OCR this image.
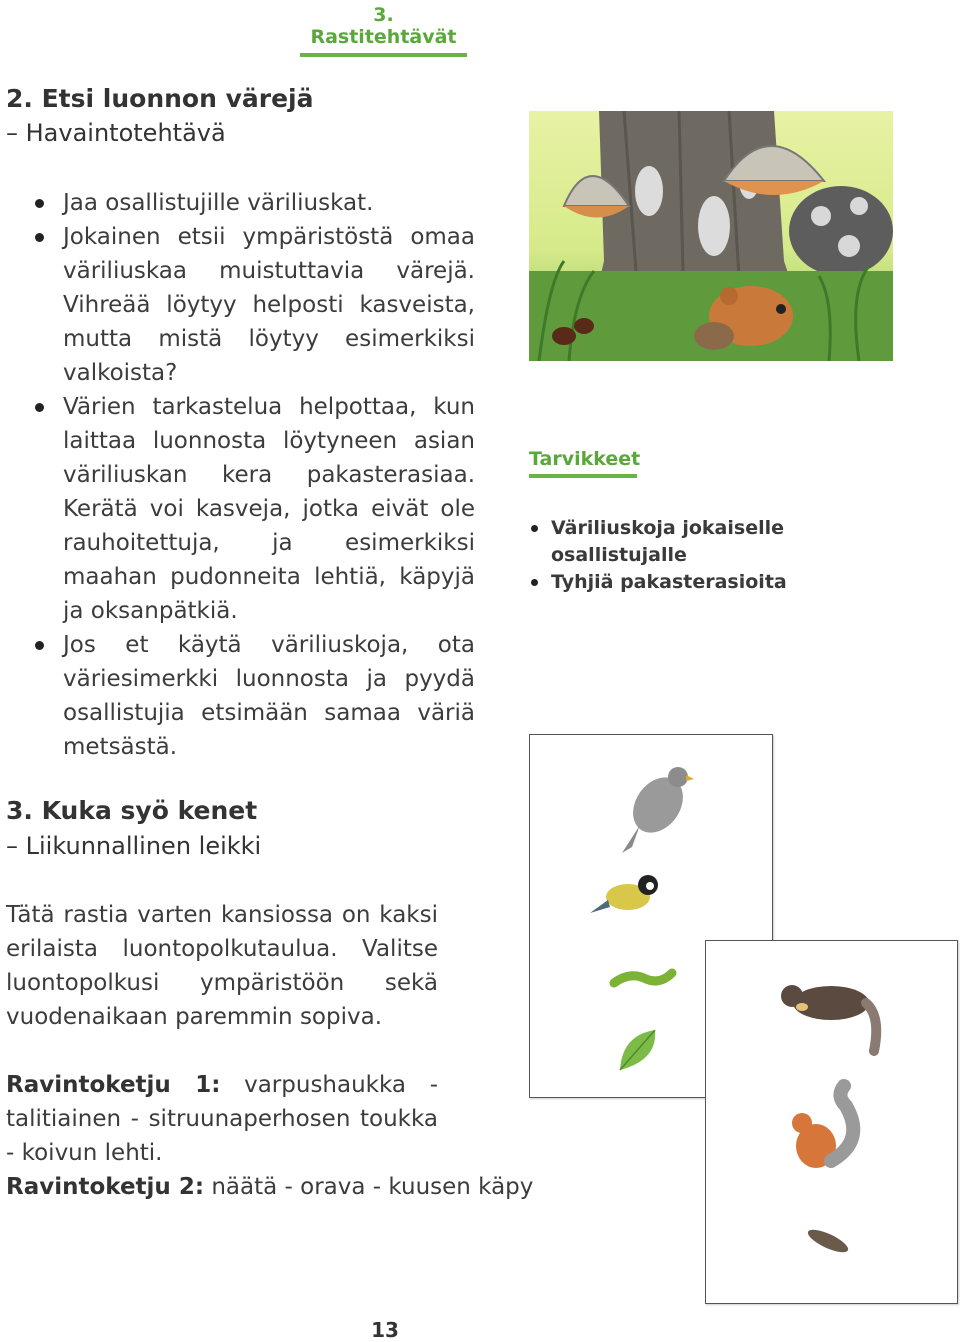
3. Rastitehtävät
2. Etsi luonnon värejä
– Havaintotehtävä
Jaa osallistujille väriliuskat.
Jokainen etsii ympäristöstä omaa väriliuskaa muistuttavia värejä. Vihreää löytyy helposti kasveista, mutta mistä löytyy esimerkiksi valkoista?
Värien tarkastelua helpottaa, kun laittaa luonnosta löytyneen asian väriliuskan kera pakasterasiaa. Kerätä voi kasveja, jotka eivät ole rauhoitettuja, ja esimerkiksi maahan pudonneita lehtiä, käpyjä ja oksanpätkiä.
Jos et käytä väriliuskoja, ota väriesimerkki luonnosta ja pyydä osallistujia etsimään samaa väriä metsästä.
Tarvikkeet
Väriliuskoja jokaiselle osallistujalle
Tyhjiä pakasterasioita
3. Kuka syö kenet
– Liikunnallinen leikki

Tätä rastia varten kansiossa on kaksi erilaista luontopolkutaulua. Valitse luontopolkusi ympäristöön sekä vuodenaikaan paremmin sopiva.

Ravintoketju 1: varpushaukka - talitiainen - sitruunaperhosen toukka - koivun lehti.

Ravintoketju 2: näätä - orava - kuusen käpy

13
